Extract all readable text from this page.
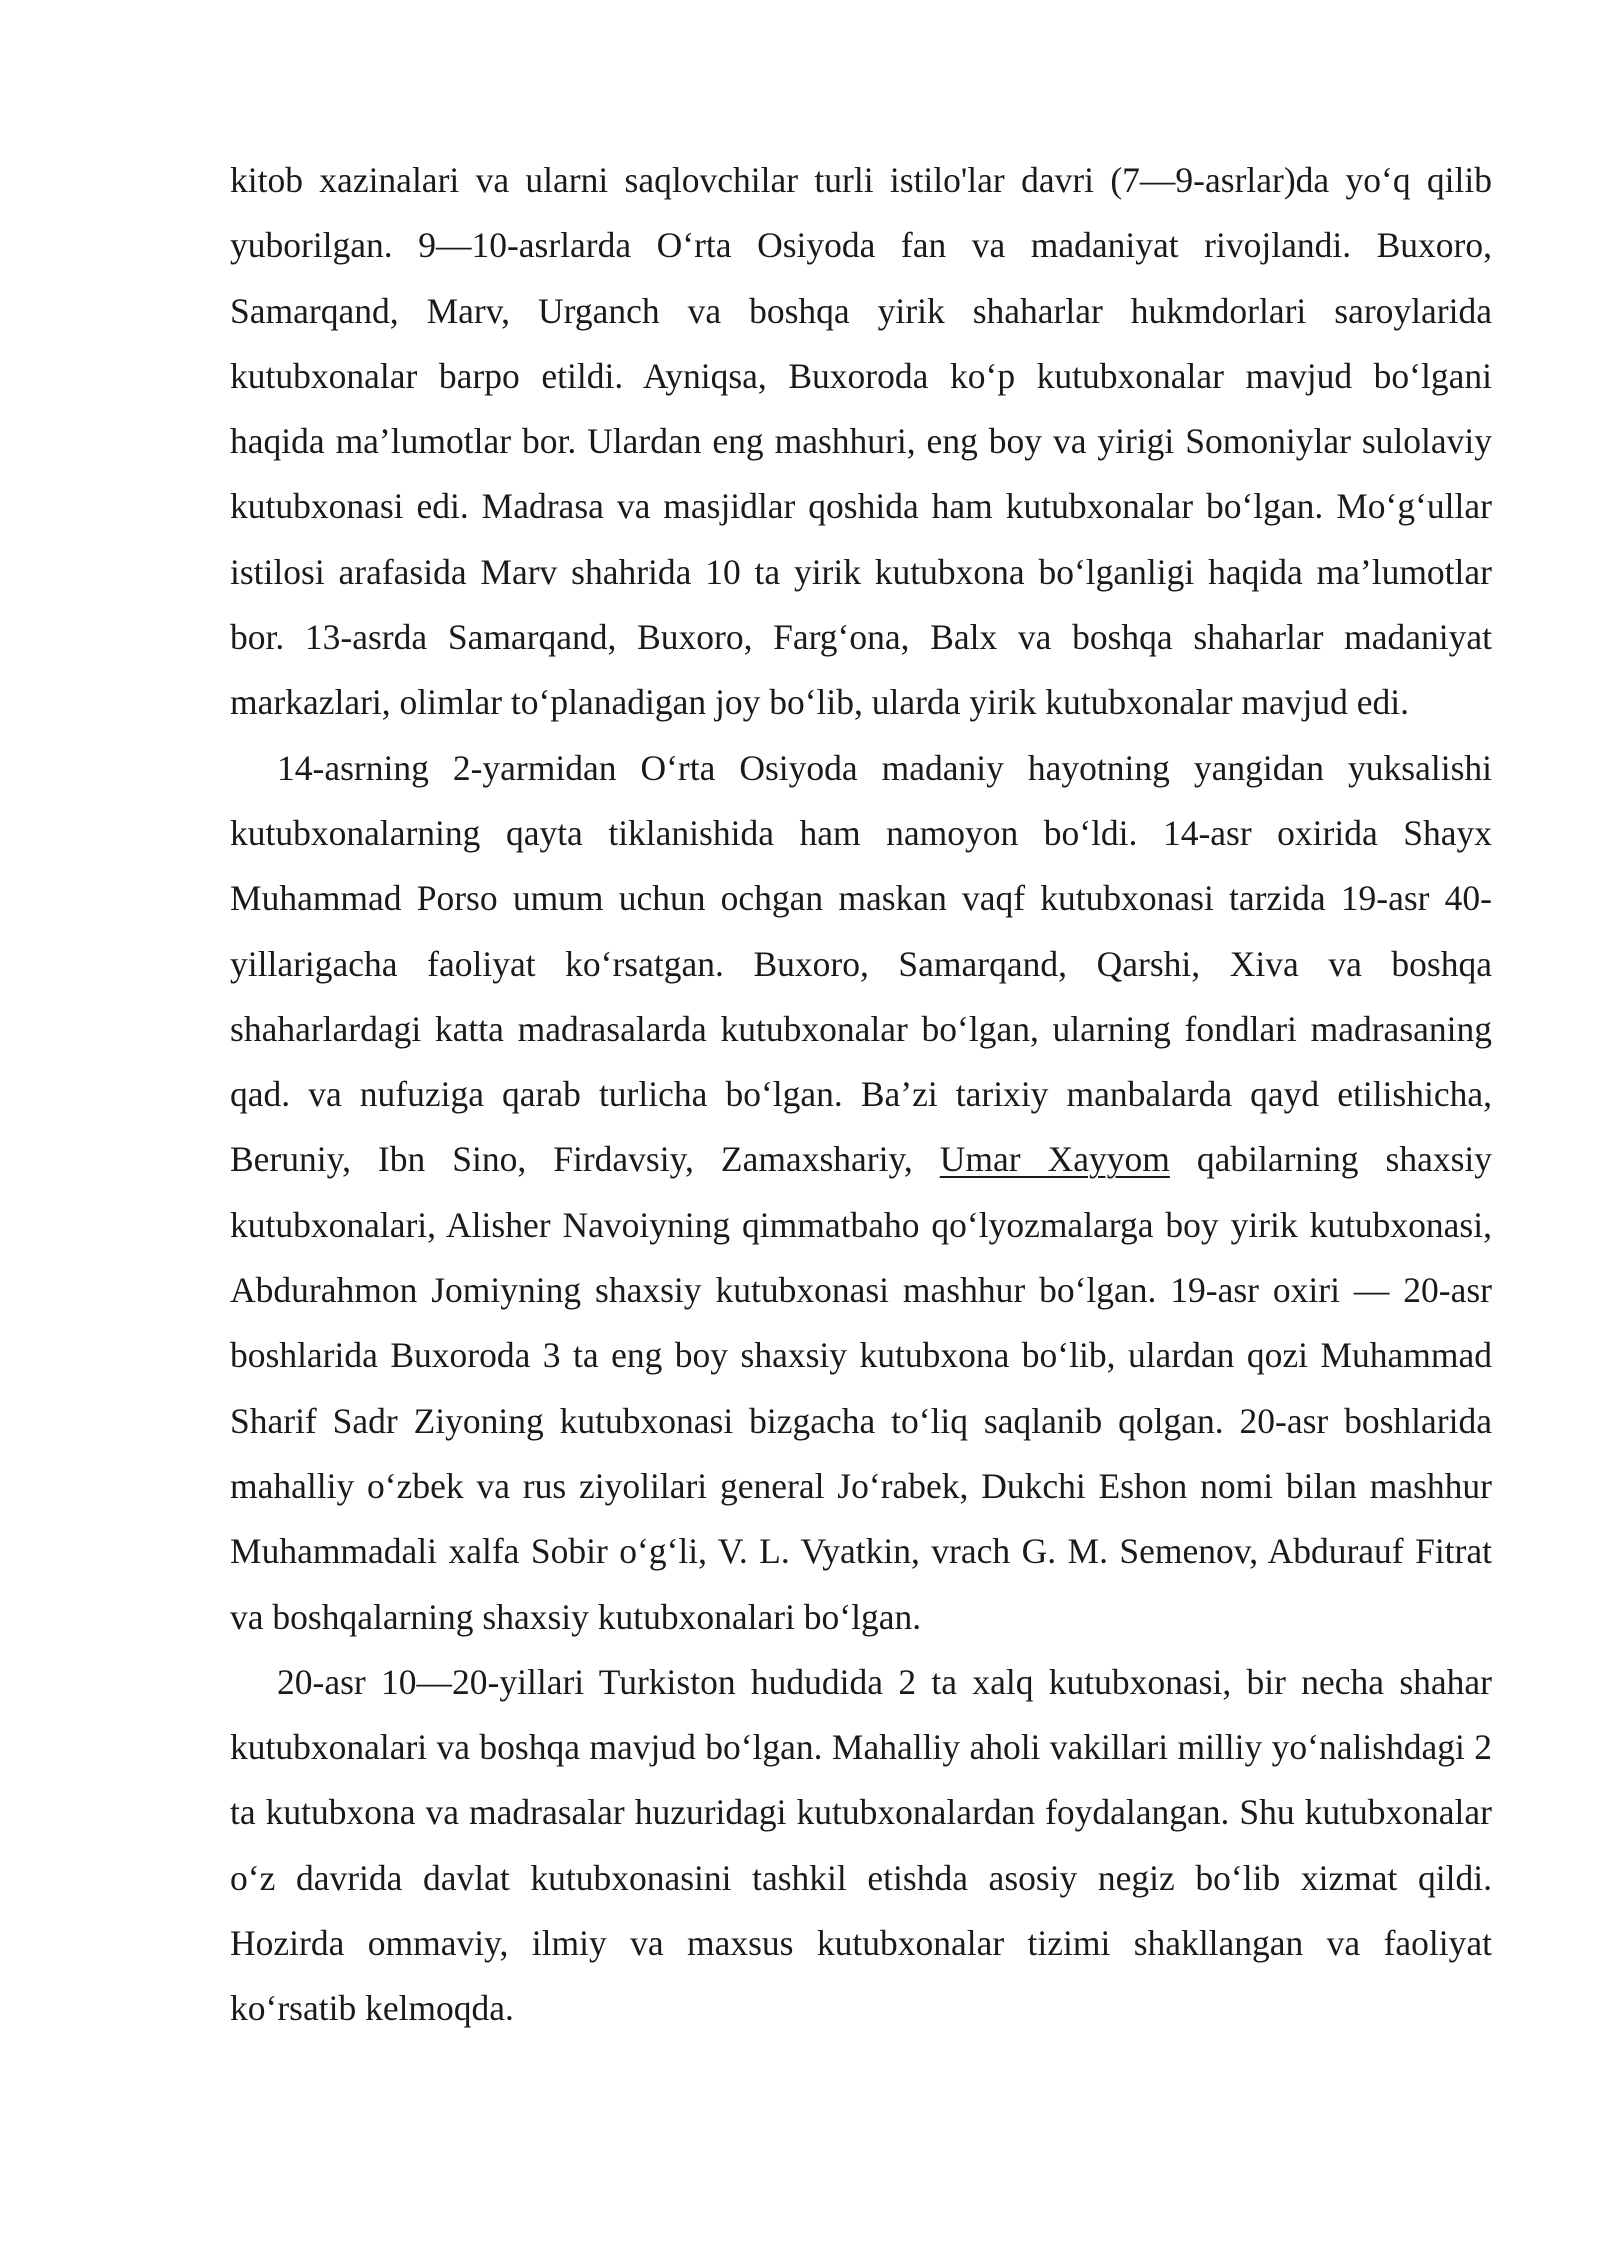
kitob xazinalari va ularni saqlovchilar turli istilo'lar davri (7—9-asrlar)da yo‘q qilib yuborilgan. 9—10-asrlarda O‘rta Osiyoda fan va madaniyat rivojlandi. Buxoro, Samarqand, Marv, Urganch va boshqa yirik shaharlar hukmdorlari saroylarida kutubxonalar barpo etildi. Ayniqsa, Buxoroda ko‘p kutubxonalar mavjud bo‘lgani haqida ma’lumotlar bor. Ulardan eng mashhuri, eng boy va yirigi Somoniylar sulolaviy kutubxonasi edi. Madrasa va masjidlar qoshida ham kutubxonalar bo‘lgan. Mo‘g‘ullar istilosi arafasida Marv shahrida 10 ta yirik kutubxona bo‘lganligi haqida ma’lumotlar bor. 13-asrda Samarqand, Buxoro, Farg‘ona, Balx va boshqa shaharlar madaniyat markazlari, olimlar to‘planadigan joy bo‘lib, ularda yirik kutubxonalar mavjud edi.

14-asrning 2-yarmidan O‘rta Osiyoda madaniy hayotning yangidan yuksalishi kutubxonalarning qayta tiklanishida ham namoyon bo‘ldi. 14-asr oxirida Shayx Muhammad Porso umum uchun ochgan maskan vaqf kutubxonasi tarzida 19-asr 40-yillarigacha faoliyat ko‘rsatgan. Buxoro, Samarqand, Qarshi, Xiva va boshqa shaharlardagi katta madrasalarda kutubxonalar bo‘lgan, ularning fondlari madrasaning qad. va nufuziga qarab turlicha bo‘lgan. Ba’zi tarixiy manbalarda qayd etilishicha, Beruniy, Ibn Sino, Firdavsiy, Zamaxshariy, Umar Xayyom qabilarning shaxsiy kutubxonalari, Alisher Navoiyning qimmatbaho qo‘lyozmalarga boy yirik kutubxonasi, Abdurahmon Jomiyning shaxsiy kutubxonasi mashhur bo‘lgan. 19-asr oxiri — 20-asr boshlarida Buxoroda 3 ta eng boy shaxsiy kutubxona bo‘lib, ulardan qozi Muhammad Sharif Sadr Ziyoning kutubxonasi bizgacha to‘liq saqlanib qolgan. 20-asr boshlarida mahalliy o‘zbek va rus ziyolilari general Jo‘rabek, Dukchi Eshon nomi bilan mashhur Muhammadali xalfa Sobir o‘g‘li, V. L. Vyatkin, vrach G. M. Semenov, Abdurauf Fitrat va boshqalarning shaxsiy kutubxonalari bo‘lgan.

20-asr 10—20-yillari Turkiston hududida 2 ta xalq kutubxonasi, bir necha shahar kutubxonalari va boshqa mavjud bo‘lgan. Mahalliy aholi vakillari milliy yo‘nalishdagi 2 ta kutubxona va madrasalar huzuridagi kutubxonalardan foydalangan. Shu kutubxonalar o‘z davrida davlat kutubxonasini tashkil etishda asosiy negiz bo‘lib xizmat qildi. Hozirda ommaviy, ilmiy va maxsus kutubxonalar tizimi shakllangan va faoliyat ko‘rsatib kelmoqda.
